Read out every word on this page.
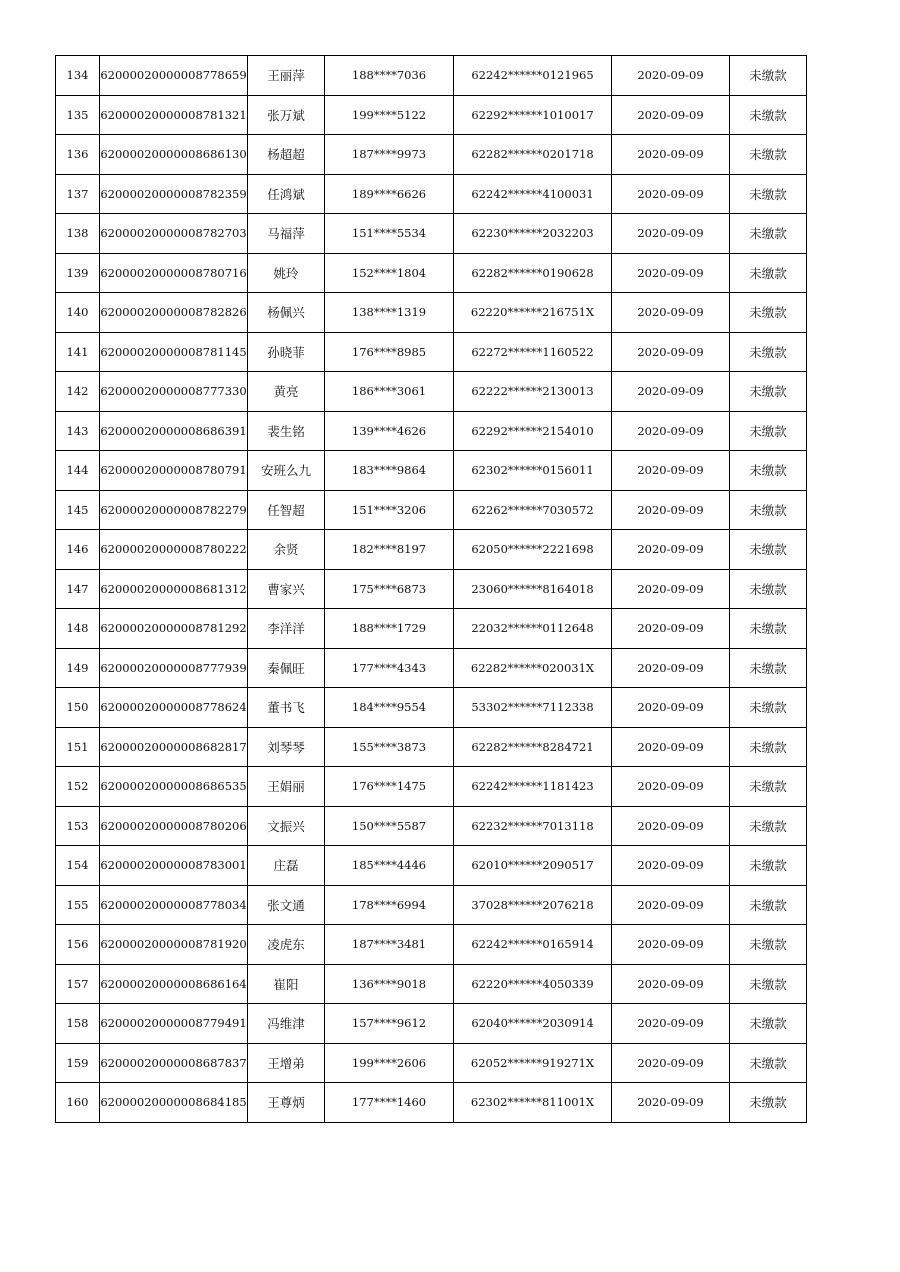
134	62000020000008778659	王丽萍	188****7036	62242******0121965	2020-09-09	未缴款
135	62000020000008781321	张万斌	199****5122	62292******1010017	2020-09-09	未缴款
136	62000020000008686130	杨超超	187****9973	62282******0201718	2020-09-09	未缴款
137	62000020000008782359	任鸿斌	189****6626	62242******4100031	2020-09-09	未缴款
138	62000020000008782703	马福萍	151****5534	62230******2032203	2020-09-09	未缴款
139	62000020000008780716	姚玲	152****1804	62282******0190628	2020-09-09	未缴款
140	62000020000008782826	杨佩兴	138****1319	62220******216751X	2020-09-09	未缴款
141	62000020000008781145	孙晓菲	176****8985	62272******1160522	2020-09-09	未缴款
142	62000020000008777330	黄亮	186****3061	62222******2130013	2020-09-09	未缴款
143	62000020000008686391	裴生铭	139****4626	62292******2154010	2020-09-09	未缴款
144	62000020000008780791	安班么九	183****9864	62302******0156011	2020-09-09	未缴款
145	62000020000008782279	任智超	151****3206	62262******7030572	2020-09-09	未缴款
146	62000020000008780222	余贤	182****8197	62050******2221698	2020-09-09	未缴款
147	62000020000008681312	曹家兴	175****6873	23060******8164018	2020-09-09	未缴款
148	62000020000008781292	李洋洋	188****1729	22032******0112648	2020-09-09	未缴款
149	62000020000008777939	秦佩旺	177****4343	62282******020031X	2020-09-09	未缴款
150	62000020000008778624	董书飞	184****9554	53302******7112338	2020-09-09	未缴款
151	62000020000008682817	刘琴琴	155****3873	62282******8284721	2020-09-09	未缴款
152	62000020000008686535	王娟丽	176****1475	62242******1181423	2020-09-09	未缴款
153	62000020000008780206	文振兴	150****5587	62232******7013118	2020-09-09	未缴款
154	62000020000008783001	庄磊	185****4446	62010******2090517	2020-09-09	未缴款
155	62000020000008778034	张文通	178****6994	37028******2076218	2020-09-09	未缴款
156	62000020000008781920	凌虎东	187****3481	62242******0165914	2020-09-09	未缴款
157	62000020000008686164	崔阳	136****9018	62220******4050339	2020-09-09	未缴款
158	62000020000008779491	冯维津	157****9612	62040******2030914	2020-09-09	未缴款
159	62000020000008687837	王增弟	199****2606	62052******919271X	2020-09-09	未缴款
160	62000020000008684185	王尊炳	177****1460	62302******811001X	2020-09-09	未缴款
